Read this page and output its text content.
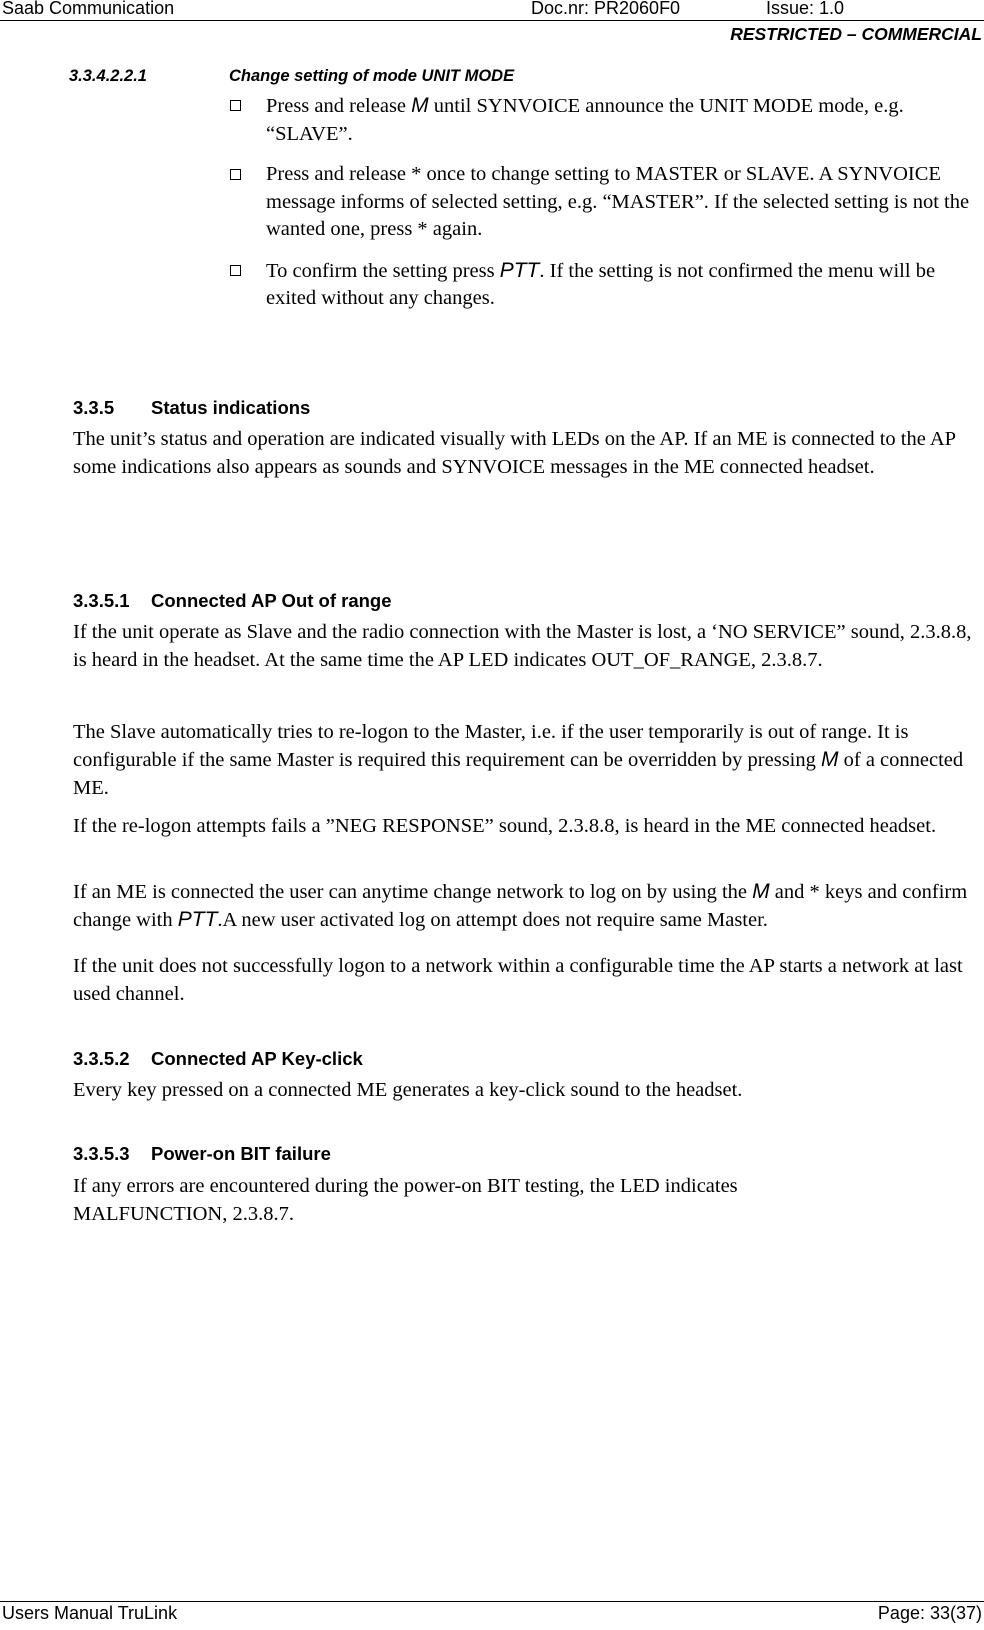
Saab Communication	Doc.nr: PR2060F0	Issue: 1.0
RESTRICTED – COMMERCIAL
3.3.4.2.2.1	Change setting of mode UNIT MODE
Press and release M until SYNVOICE announce the UNIT MODE mode, e.g. “SLAVE”.
Press and release * once to change setting to MASTER or SLAVE. A SYNVOICE message informs of selected setting, e.g. “MASTER”. If the selected setting is not the wanted one, press * again.
To confirm the setting press PTT. If the setting is not confirmed the menu will be exited without any changes.
3.3.5 Status indications

The unit’s status and operation are indicated visually with LEDs on the AP. If an ME is connected to the AP some indications also appears as sounds and SYNVOICE messages in the ME connected headset.

3.3.5.1 Connected AP Out of range

If the unit operate as Slave and the radio connection with the Master is lost, a ‘NO SERVICE” sound, 2.3.8.8, is heard in the headset. At the same time the AP LED indicates OUT_OF_RANGE, 2.3.8.7.

The Slave automatically tries to re-logon to the Master, i.e. if the user temporarily is out of range. It is configurable if the same Master is required this requirement can be overridden by pressing M of a connected ME.

If the re-logon attempts fails a ”NEG RESPONSE” sound, 2.3.8.8, is heard in the ME connected headset.

If an ME is connected the user can anytime change network to log on by using the M and * keys and confirm change with PTT.A new user activated log on attempt does not require same Master.

If the unit does not successfully logon to a network within a configurable time the AP starts a network at last used channel.

3.3.5.2 Connected AP Key-click

Every key pressed on a connected ME generates a key-click sound to the headset.

3.3.5.3 Power-on BIT failure

If any errors are encountered during the power-on BIT testing, the LED indicates MALFUNCTION, 2.3.8.7.

Users Manual TruLink	Page: 33(37)
